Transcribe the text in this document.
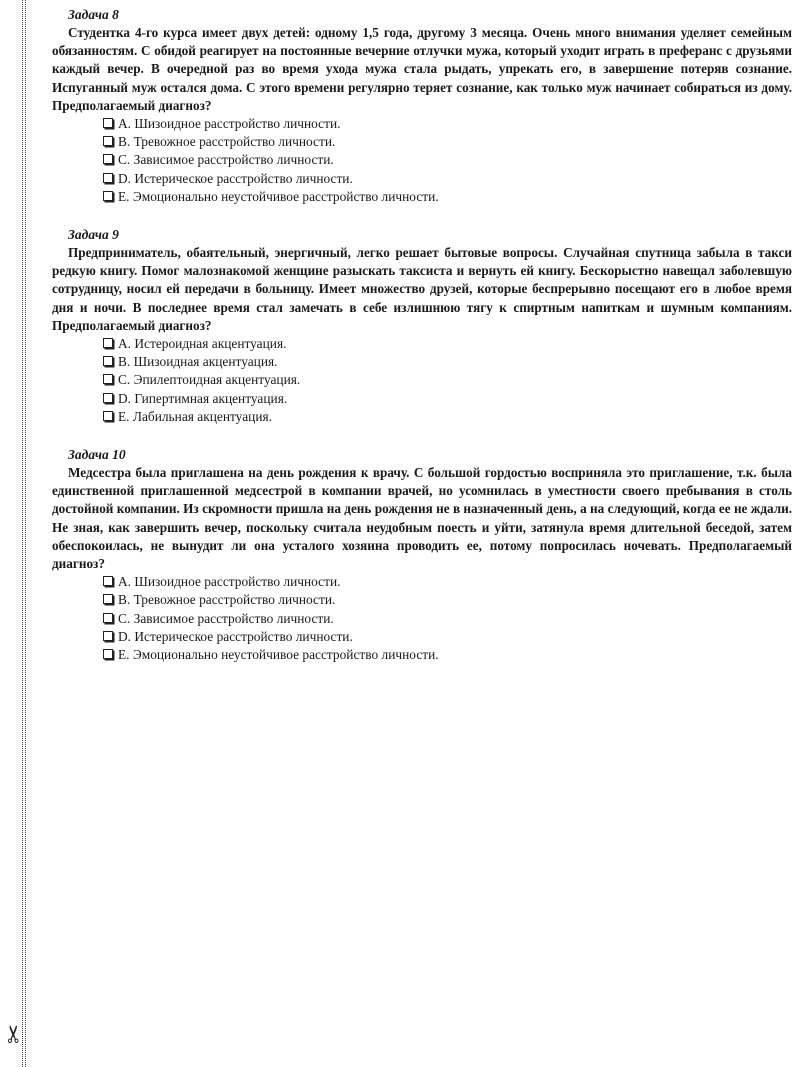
✂
Задача 8

Студентка 4-го курса имеет двух детей: одному 1,5 года, другому 3 месяца. Очень много внимания уделяет семейным обязанностям. С обидой реагирует на постоянные вечерние отлучки мужа, который уходит играть в преферанс с друзьями каждый вечер. В очередной раз во время ухода мужа стала рыдать, упрекать его, в завершение потеряв сознание. Испуганный муж остался дома. С этого времени регулярно теряет сознание, как только муж начинает собираться из дому. Предполагаемый диагноз?

A. Шизоидное расстройство личности.
B. Тревожное расстройство личности.
C. Зависимое расстройство личности.
D. Истерическое расстройство личности.
E. Эмоционально неустойчивое расстройство личности.
Задача 9

Предприниматель, обаятельный, энергичный, легко решает бытовые вопросы. Случайная спутница забыла в такси редкую книгу. Помог малознакомой женщине разыскать таксиста и вернуть ей книгу. Бескорыстно навещал заболевшую сотрудницу, носил ей передачи в больницу. Имеет множество друзей, которые беспрерывно посещают его в любое время дня и ночи. В последнее время стал замечать в себе излишнюю тягу к спиртным напиткам и шумным компаниям. Предполагаемый диагноз?

A. Истероидная акцентуация.
B. Шизоидная акцентуация.
C. Эпилептоидная акцентуация.
D. Гипертимная акцентуация.
E. Лабильная акцентуация.
Задача 10

Медсестра была приглашена на день рождения к врачу. С большой гордостью восприняла это приглашение, т.к. была единственной приглашенной медсестрой в компании врачей, но усомнилась в уместности своего пребывания в столь достойной компании. Из скромности пришла на день рождения не в назначенный день, а на следующий, когда ее не ждали. Не зная, как завершить вечер, поскольку считала неудобным поесть и уйти, затянула время длительной беседой, затем обеспокоилась, не вынудит ли она усталого хозяина проводить ее, потому попросилась ночевать. Предполагаемый диагноз?

A. Шизоидное расстройство личности.
B. Тревожное расстройство личности.
C. Зависимое расстройство личности.
D. Истерическое расстройство личности.
E. Эмоционально неустойчивое расстройство личности.
